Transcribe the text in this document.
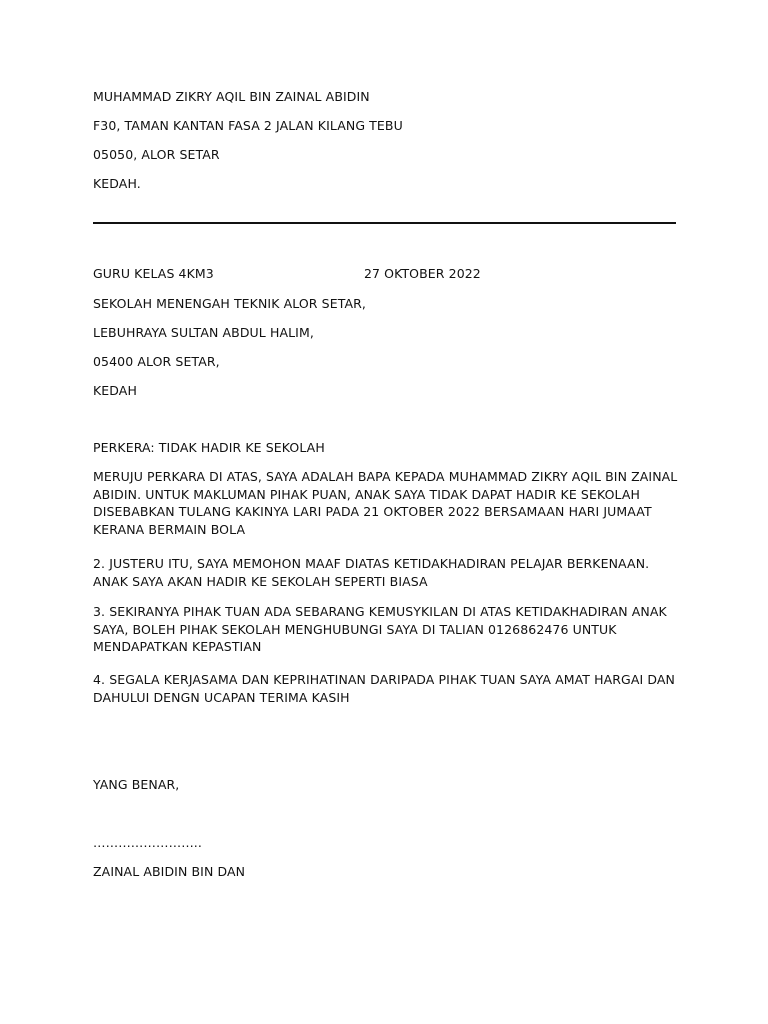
MUHAMMAD ZIKRY AQIL BIN ZAINAL ABIDIN
F30, TAMAN KANTAN FASA 2 JALAN KILANG TEBU
05050, ALOR SETAR
KEDAH.
GURU KELAS 4KM3	27 OKTOBER 2022
SEKOLAH MENENGAH TEKNIK ALOR SETAR,
LEBUHRAYA SULTAN ABDUL HALIM,
05400 ALOR SETAR,
KEDAH
PERKERA: TIDAK HADIR KE SEKOLAH
MERUJU PERKARA DI ATAS, SAYA ADALAH BAPA KEPADA MUHAMMAD ZIKRY AQIL BIN ZAINAL ABIDIN. UNTUK MAKLUMAN PIHAK PUAN, ANAK SAYA TIDAK DAPAT HADIR KE SEKOLAH DISEBABKAN TULANG KAKINYA LARI PADA 21 OKTOBER 2022 BERSAMAAN HARI JUMAAT KERANA BERMAIN BOLA
2. JUSTERU ITU, SAYA MEMOHON MAAF DIATAS KETIDAKHADIRAN PELAJAR BERKENAAN. ANAK SAYA AKAN HADIR KE SEKOLAH SEPERTI BIASA
3. SEKIRANYA PIHAK TUAN ADA SEBARANG KEMUSYKILAN DI ATAS KETIDAKHADIRAN ANAK SAYA, BOLEH PIHAK SEKOLAH MENGHUBUNGI SAYA DI TALIAN 0126862476 UNTUK MENDAPATKAN KEPASTIAN
4. SEGALA KERJASAMA DAN KEPRIHATINAN DARIPADA PIHAK TUAN SAYA AMAT HARGAI DAN DAHULUI DENGN UCAPAN TERIMA KASIH
YANG BENAR,
……………………..
ZAINAL ABIDIN BIN DAN
